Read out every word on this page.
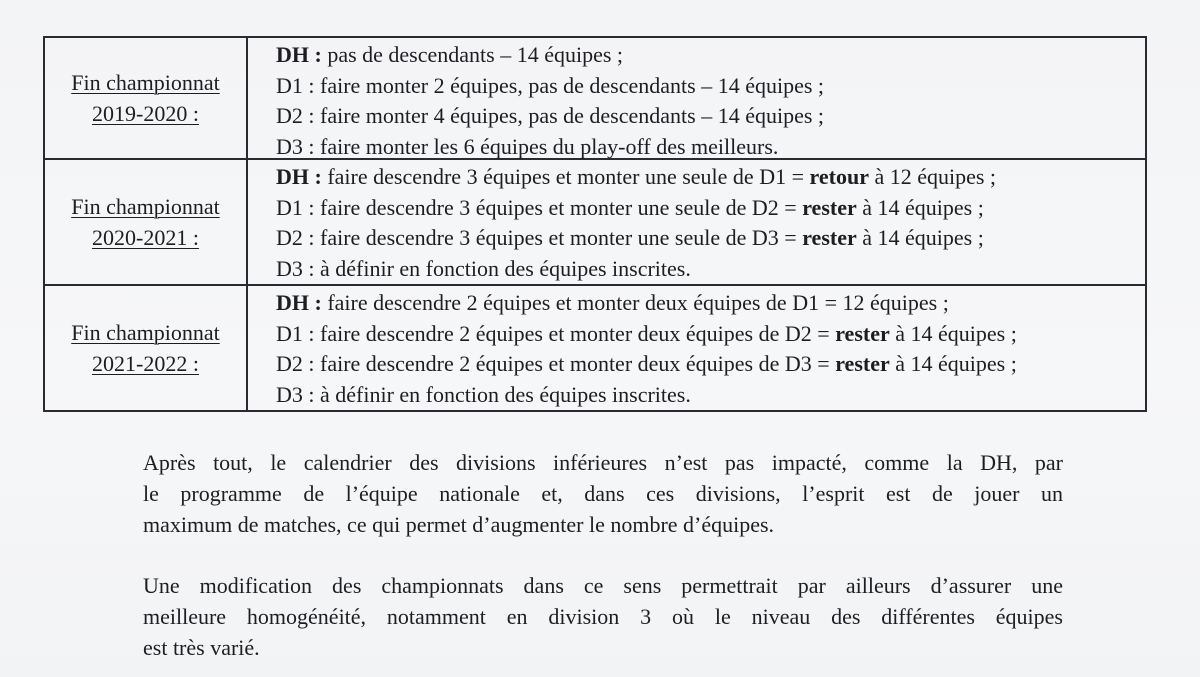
Fin championnat
2019-2020 :
DH : pas de descendants – 14 équipes ;
D1 : faire monter 2 équipes, pas de descendants – 14 équipes ;
D2 : faire monter 4 équipes, pas de descendants – 14 équipes ;
D3 : faire monter les 6 équipes du play-off des meilleurs.
Fin championnat
2020-2021 :
DH : faire descendre 3 équipes et monter une seule de D1 = retour à 12 équipes ;
D1 : faire descendre 3 équipes et monter une seule de D2 = rester à 14 équipes ;
D2 : faire descendre 3 équipes et monter une seule de D3 = rester à 14 équipes ;
D3 : à définir en fonction des équipes inscrites.
Fin championnat
2021-2022 :
DH : faire descendre 2 équipes et monter deux équipes de D1 = 12 équipes ;
D1 : faire descendre 2 équipes et monter deux équipes de D2 = rester à 14 équipes ;
D2 : faire descendre 2 équipes et monter deux équipes de D3 = rester à 14 équipes ;
D3 : à définir en fonction des équipes inscrites.
Après tout, le calendrier des divisions inférieures n’est pas impacté, comme la DH, par
le programme de l’équipe nationale et, dans ces divisions, l’esprit est de jouer un
maximum de matches, ce qui permet d’augmenter le nombre d’équipes.
Une modification des championnats dans ce sens permettrait par ailleurs d’assurer une
meilleure homogénéité, notamment en division 3 où le niveau des différentes équipes
est très varié.
